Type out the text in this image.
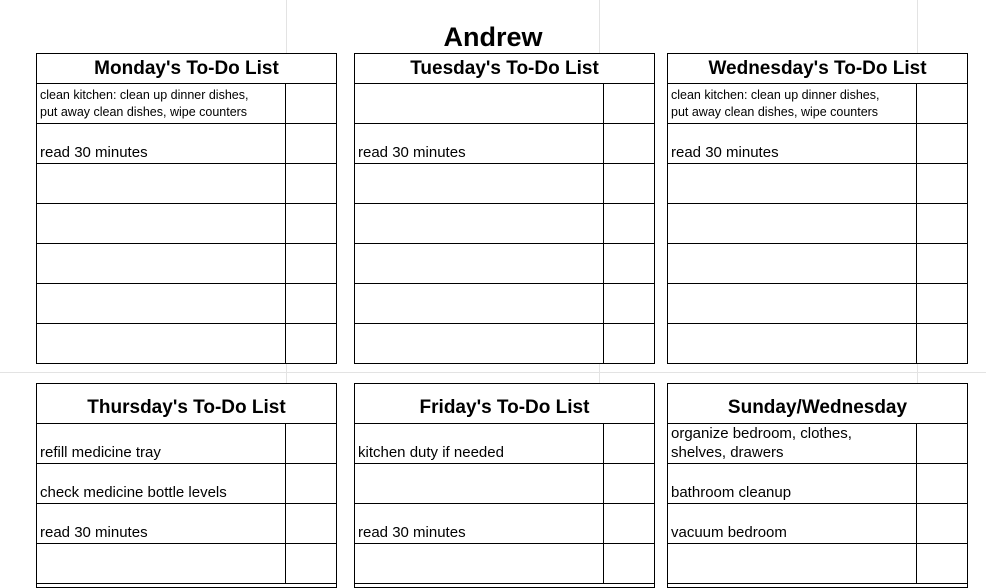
Andrew
Monday's To-Do List
clean kitchen: clean up dinner dishes,
put away clean dishes, wipe counters
read 30 minutes
Tuesday's To-Do List
read 30 minutes
Wednesday's To-Do List
clean kitchen: clean up dinner dishes,
put away clean dishes, wipe counters
read 30 minutes
Thursday's To-Do List
refill medicine tray
check medicine bottle levels
read 30 minutes
Friday's To-Do List
kitchen duty if needed
read 30 minutes
Sunday/Wednesday
organize bedroom, clothes,
shelves, drawers
bathroom cleanup
vacuum bedroom
